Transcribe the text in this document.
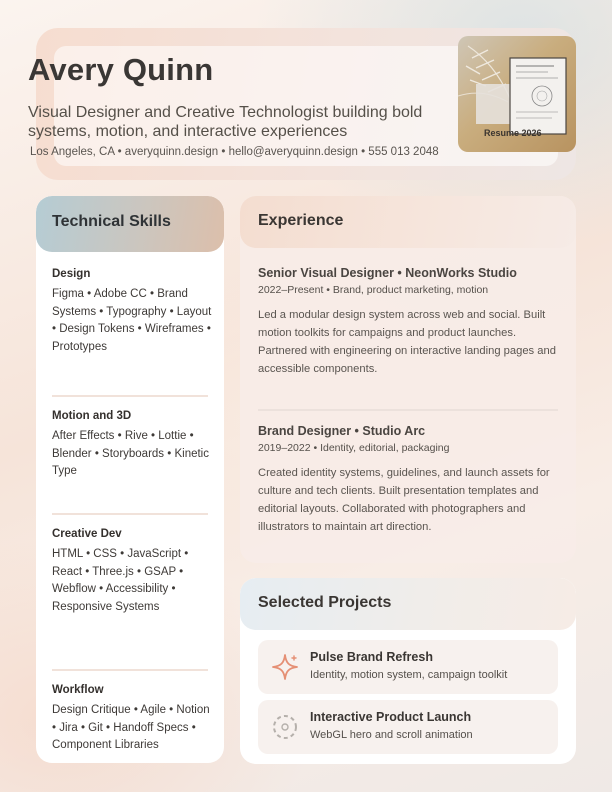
Avery Quinn
Visual Designer and Creative Technologist building bold systems, motion, and interactive experiences
Los Angeles, CA • averyquinn.design • hello@averyquinn.design • 555 013 2048
Resume 2026
Technical Skills
Design

Figma • Adobe CC • Brand Systems • Typography • Layout • Design Tokens • Wireframes • Prototypes

Motion and 3D

After Effects • Rive • Lottie • Blender • Storyboards • Kinetic Type

Creative Dev

HTML • CSS • JavaScript • React • Three.js • GSAP • Webflow • Accessibility • Responsive Systems

Workflow

Design Critique • Agile • Notion • Jira • Git • Handoff Specs • Component Libraries

Experience
Senior Visual Designer • NeonWorks Studio
2022–Present • Brand, product marketing, motion
Led a modular design system across web and social. Built motion toolkits for campaigns and product launches. Partnered with engineering on interactive landing pages and accessible components.
Brand Designer • Studio Arc
2019–2022 • Identity, editorial, packaging
Created identity systems, guidelines, and launch assets for culture and tech clients. Built presentation templates and editorial layouts. Collaborated with photographers and illustrators to maintain art direction.
Selected Projects
Pulse Brand Refresh
Identity, motion system, campaign toolkit
Interactive Product Launch
WebGL hero and scroll animation
